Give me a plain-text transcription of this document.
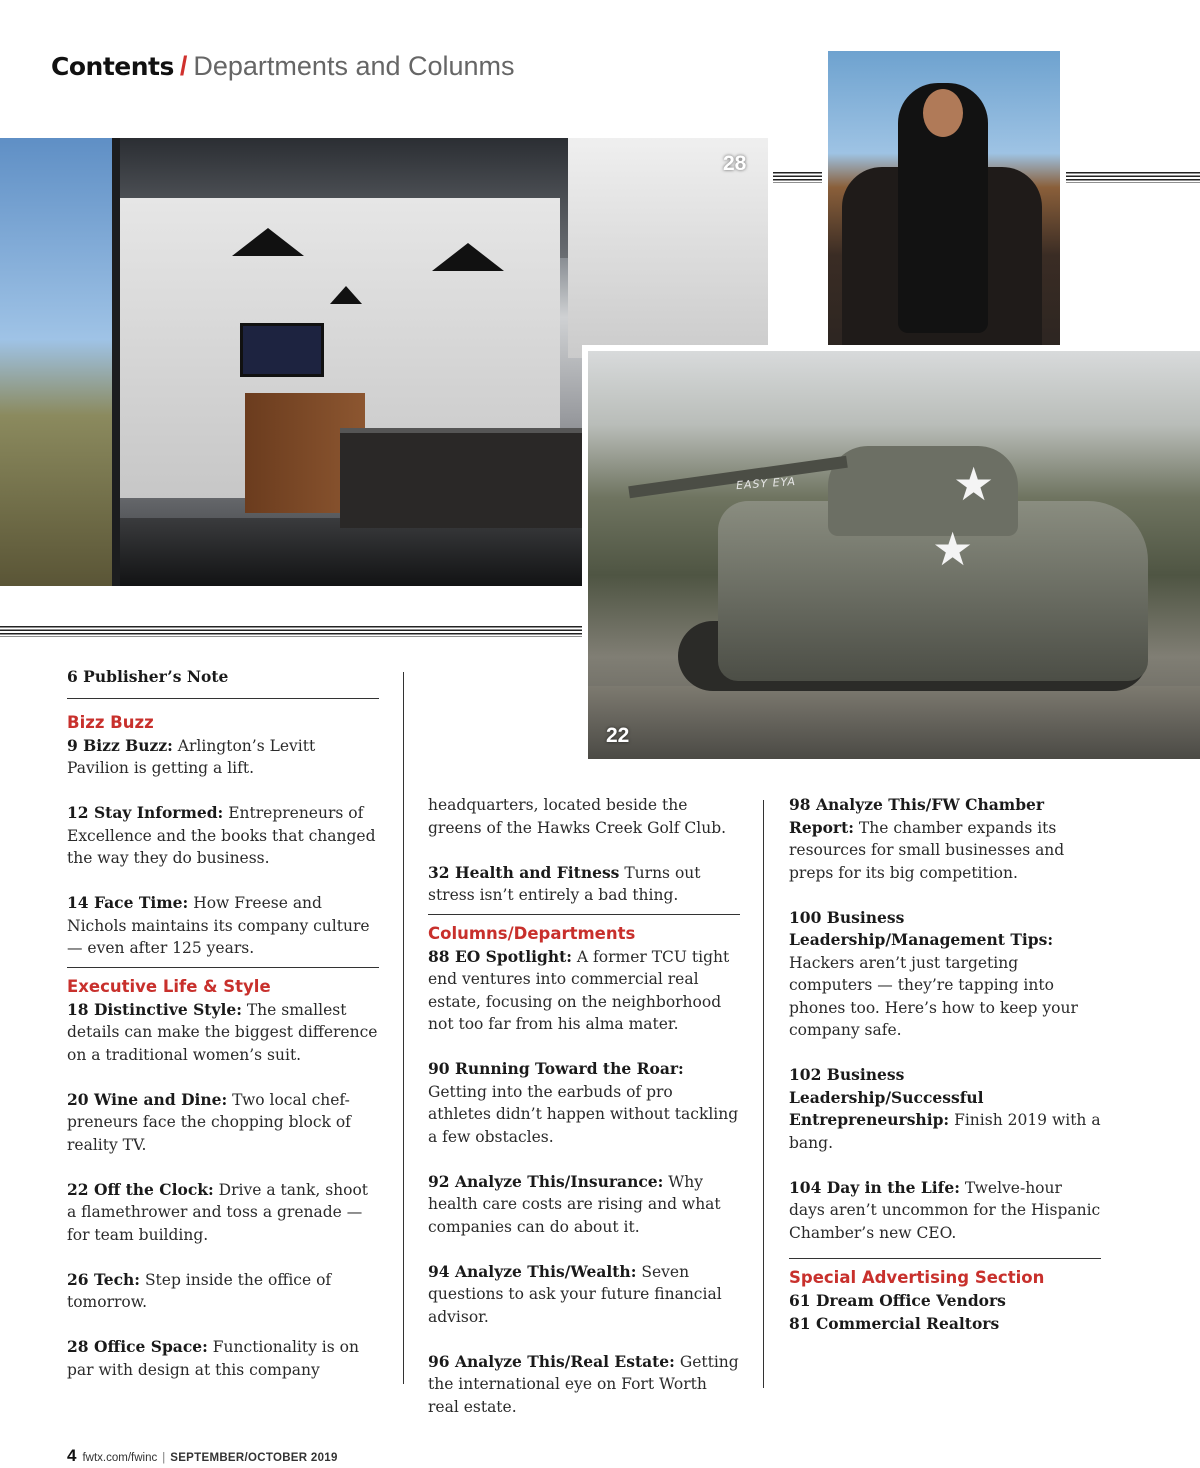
Contents / Departments and Colunms
28
★
★
EASY EYA
22
6 Publisher’s Note
Bizz Buzz

9 Bizz Buzz: Arlington’s Levitt Pavilion is getting a lift.

12 Stay Informed: Entrepreneurs of Excellence and the books that changed the way they do business.

14 Face Time: How Freese and Nichols maintains its company culture — even after 125 years.

Executive Life & Style

18 Distinctive Style: The smallest details can make the biggest difference on a traditional women’s suit.

20 Wine and Dine: Two local chef-preneurs face the chopping block of reality TV.

22 Off the Clock: Drive a tank, shoot a flamethrower and toss a grenade — for team building.

26 Tech: Step inside the office of tomorrow.

28 Office Space: Functionality is on par with design at this company

headquarters, located beside the greens of the Hawks Creek Golf Club.

32 Health and Fitness Turns out stress isn’t entirely a bad thing.

Columns/Departments

88 EO Spotlight: A former TCU tight end ventures into commercial real estate, focusing on the neighborhood not too far from his alma mater.

90 Running Toward the Roar: Getting into the earbuds of pro athletes didn’t happen without tackling a few obstacles.

92 Analyze This/Insurance: Why health care costs are rising and what companies can do about it.

94 Analyze This/Wealth: Seven questions to ask your future financial advisor.

96 Analyze This/Real Estate: Getting the international eye on Fort Worth real estate.

98 Analyze This/FW Chamber Report: The chamber expands its resources for small businesses and preps for its big competition.

100 Business Leadership/Management Tips: Hackers aren’t just targeting computers — they’re tapping into phones too. Here’s how to keep your company safe.

102 Business Leadership/Successful Entrepreneurship: Finish 2019 with a bang.

104 Day in the Life: Twelve-hour days aren’t uncommon for the Hispanic Chamber’s new CEO.

Special Advertising Section
61 Dream Office Vendors
81 Commercial Realtors
4 fwtx.com/fwinc | SEPTEMBER/OCTOBER 2019
